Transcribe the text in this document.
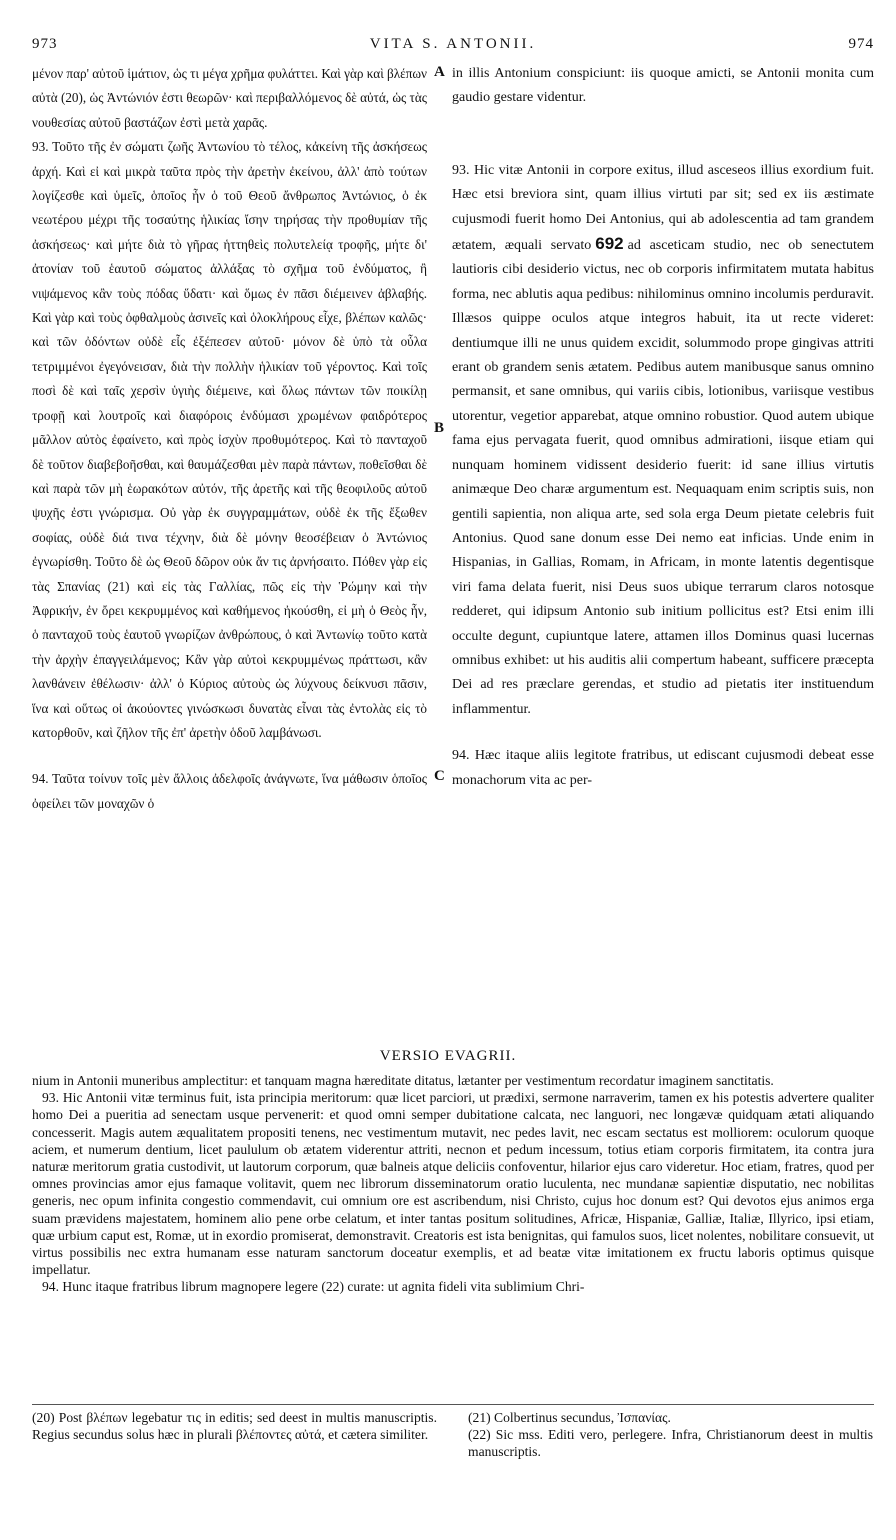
973	VITA S. ANTONII.	974
A
B
C

μένον παρ' αὐτοῦ ἱμάτιον, ὡς τι μέγα χρῆμα φυλάττει. Καὶ γὰρ καὶ βλέπων αὐτὰ (20), ὡς Ἀντώνιόν ἐστι θεωρῶν· καὶ περιβαλλόμενος δὲ αὐτά, ὡς τὰς νουθεσίας αὐτοῦ βαστάζων ἐστὶ μετὰ χαρᾶς.

93. Τοῦτο τῆς ἐν σώματι ζωῆς Ἀντωνίου τὸ τέλος, κἀκείνη τῆς ἀσκήσεως ἀρχή. Καὶ εἰ καὶ μικρὰ ταῦτα πρὸς τὴν ἀρετὴν ἐκείνου, ἀλλ' ἀπὸ τούτων λογίζεσθε καὶ ὑμεῖς, ὁποῖος ἦν ὁ τοῦ Θεοῦ ἄνθρωπος Ἀντώνιος, ὁ ἐκ νεωτέρου μέχρι τῆς τοσαύτης ἡλικίας ἴσην τηρήσας τὴν προθυμίαν τῆς ἀσκήσεως· καὶ μήτε διὰ τὸ γῆρας ἡττηθεὶς πολυτελείᾳ τροφῆς, μήτε δι' ἀτονίαν τοῦ ἑαυτοῦ σώματος ἀλλάξας τὸ σχῆμα τοῦ ἐνδύματος, ἢ νιψάμενος κἂν τοὺς πόδας ὕδατι· καὶ ὅμως ἐν πᾶσι διέμεινεν ἀβλαβής. Καὶ γὰρ καὶ τοὺς ὀφθαλμοὺς ἀσινεῖς καὶ ὁλοκλήρους εἶχε, βλέπων καλῶς· καὶ τῶν ὀδόντων οὐδὲ εἷς ἐξέπεσεν αὐτοῦ· μόνον δὲ ὑπὸ τὰ οὖλα τετριμμένοι ἐγεγόνεισαν, διὰ τὴν πολλὴν ἡλικίαν τοῦ γέροντος. Καὶ τοῖς ποσὶ δὲ καὶ ταῖς χερσὶν ὑγιὴς διέμεινε, καὶ ὅλως πάντων τῶν ποικίλῃ τροφῇ καὶ λουτροῖς καὶ διαφόροις ἐνδύμασι χρωμένων φαιδρότερος μᾶλλον αὐτὸς ἐφαίνετο, καὶ πρὸς ἰσχὺν προθυμότερος. Καὶ τὸ πανταχοῦ δὲ τοῦτον διαβεβοῆσθαι, καὶ θαυμάζεσθαι μὲν παρὰ πάντων, ποθεῖσθαι δὲ καὶ παρὰ τῶν μὴ ἑωρακότων αὐτόν, τῆς ἀρετῆς καὶ τῆς θεοφιλοῦς αὐτοῦ ψυχῆς ἐστι γνώρισμα. Οὐ γὰρ ἐκ συγγραμμάτων, οὐδὲ ἐκ τῆς ἔξωθεν σοφίας, οὐδὲ διά τινα τέχνην, διὰ δὲ μόνην θεοσέβειαν ὁ Ἀντώνιος ἐγνωρίσθη. Τοῦτο δὲ ὡς Θεοῦ δῶρον οὐκ ἄν τις ἀρνήσαιτο. Πόθεν γὰρ εἰς τὰς Σπανίας (21) καὶ εἰς τὰς Γαλλίας, πῶς εἰς τὴν Ῥώμην καὶ τὴν Ἀφρικήν, ἐν ὄρει κεκρυμμένος καὶ καθήμενος ἠκούσθη, εἰ μὴ ὁ Θεὸς ἦν, ὁ πανταχοῦ τοὺς ἑαυτοῦ γνωρίζων ἀνθρώπους, ὁ καὶ Ἀντωνίῳ τοῦτο κατὰ τὴν ἀρχὴν ἐπαγγειλάμενος; Κἂν γὰρ αὐτοὶ κεκρυμμένως πράττωσι, κἂν λανθάνειν ἐθέλωσιν· ἀλλ' ὁ Κύριος αὐτοὺς ὡς λύχνους δείκνυσι πᾶσιν, ἵνα καὶ οὕτως οἱ ἀκούοντες γινώσκωσι δυνατὰς εἶναι τὰς ἐντολὰς εἰς τὸ κατορθοῦν, καὶ ζῆλον τῆς ἐπ' ἀρετὴν ὁδοῦ λαμβάνωσι.

94. Ταῦτα τοίνυν τοῖς μὲν ἄλλοις ἀδελφοῖς ἀνάγνωτε, ἵνα μάθωσιν ὁποῖος ὀφείλει τῶν μοναχῶν ὁ

in illis Antonium conspiciunt: iis quoque amicti, se Antonii monita cum gaudio gestare videntur.

93. Hic vitæ Antonii in corpore exitus, illud asceseos illius exordium fuit. Hæc etsi breviora sint, quam illius virtuti par sit; sed ex iis æstimate cujusmodi fuerit homo Dei Antonius, qui ab adolescentia ad tam grandem ætatem, æquali servato 692 ad asceticam studio, nec ob senectutem lautioris cibi desiderio victus, nec ob corporis infirmitatem mutata habitus forma, nec ablutis aqua pedibus: nihilominus omnino incolumis perduravit. Illæsos quippe oculos atque integros habuit, ita ut recte videret: dentiumque illi ne unus quidem excidit, solummodo prope gingivas attriti erant ob grandem senis ætatem. Pedibus autem manibusque sanus omnino permansit, et sane omnibus, qui variis cibis, lotionibus, variisque vestibus utorentur, vegetior apparebat, atque omnino robustior. Quod autem ubique fama ejus pervagata fuerit, quod omnibus admirationi, iisque etiam qui nunquam hominem vidissent desiderio fuerit: id sane illius virtutis animæque Deo charæ argumentum est. Nequaquam enim scriptis suis, non gentili sapientia, non aliqua arte, sed sola erga Deum pietate celebris fuit Antonius. Quod sane donum esse Dei nemo eat inficias. Unde enim in Hispanias, in Gallias, Romam, in Africam, in monte latentis degentisque viri fama delata fuerit, nisi Deus suos ubique terrarum claros notosque redderet, qui idipsum Antonio sub initium pollicitus est? Etsi enim illi occulte degunt, cupiuntque latere, attamen illos Dominus quasi lucernas omnibus exhibet: ut his auditis alii compertum habeant, sufficere præcepta Dei ad res præclare gerendas, et studio ad pietatis iter instituendum inflammentur.

94. Hæc itaque aliis legitote fratribus, ut ediscant cujusmodi debeat esse monachorum vita ac per-

VERSIO EVAGRII.

nium in Antonii muneribus amplectitur: et tanquam magna hæreditate ditatus, lætanter per vestimentum recordatur imaginem sanctitatis.

93. Hic Antonii vitæ terminus fuit, ista principia meritorum: quæ licet parciori, ut prædixi, sermone narraverim, tamen ex his potestis advertere qualiter homo Dei a pueritia ad senectam usque pervenerit: et quod omni semper dubitatione calcata, nec languori, nec longævæ quidquam ætati aliquando concesserit. Magis autem æqualitatem propositi tenens, nec vestimentum mutavit, nec pedes lavit, nec escam sectatus est molliorem: oculorum quoque aciem, et numerum dentium, licet paululum ob ætatem viderentur attriti, necnon et pedum incessum, totius etiam corporis firmitatem, ita contra jura naturæ meritorum gratia custodivit, ut lautorum corporum, quæ balneis atque deliciis confoventur, hilarior ejus caro videretur. Hoc etiam, fratres, quod per omnes provincias amor ejus famaque volitavit, quem nec librorum disseminatorum oratio luculenta, nec mundanæ sapientiæ disputatio, nec nobilitas generis, nec opum infinita congestio commendavit, cui omnium ore est ascribendum, nisi Christo, cujus hoc donum est? Qui devotos ejus animos erga suam prævidens majestatem, hominem alio pene orbe celatum, et inter tantas positum solitudines, Africæ, Hispaniæ, Galliæ, Italiæ, Illyrico, ipsi etiam, quæ urbium caput est, Romæ, ut in exordio promiserat, demonstravit. Creatoris est ista benignitas, qui famulos suos, licet nolentes, nobilitare consuevit, ut virtus possibilis nec extra humanam esse naturam sanctorum doceatur exemplis, et ad beatæ vitæ imitationem ex fructu laboris optimus quisque impellatur.

94. Hunc itaque fratribus librum magnopere legere (22) curate: ut agnita fideli vita sublimium Chri-

(20) Post βλέπων legebatur τις in editis; sed deest in multis manuscriptis. Regius secundus solus hæc in plurali βλέποντες αὐτά, et cætera similiter.

(21) Colbertinus secundus, Ἰσπανίας.

(22) Sic mss. Editi vero, perlegere. Infra, Christianorum deest in multis manuscriptis.
